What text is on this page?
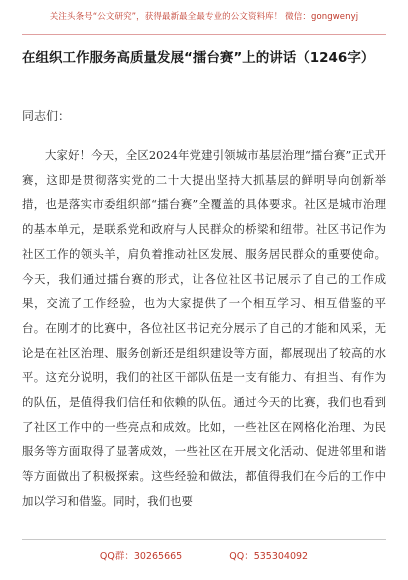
关注头条号“公文研究”，获得最新最全最专业的公文资料库！ 微信：gongwenyj
在组织工作服务高质量发展“擂台赛”上的讲话（1246字）
同志们：

大家好！今天，全区2024年党建引领城市基层治理“擂台赛”正式开赛，这即是贯彻落实党的二十大提出坚持大抓基层的鲜明导向创新举措，也是落实市委组织部“擂台赛”全覆盖的具体要求。社区是城市治理的基本单元，是联系党和政府与人民群众的桥梁和纽带。社区书记作为社区工作的领头羊，肩负着推动社区发展、服务居民群众的重要使命。今天，我们通过擂台赛的形式，让各位社区书记展示了自己的工作成果，交流了工作经验，也为大家提供了一个相互学习、相互借鉴的平台。在刚才的比赛中，各位社区书记充分展示了自己的才能和风采，无论是在社区治理、服务创新还是组织建设等方面，都展现出了较高的水平。这充分说明，我们的社区干部队伍是一支有能力、有担当、有作为的队伍，是值得我们信任和依赖的队伍。通过今天的比赛，我们也看到了社区工作中的一些亮点和成效。比如，一些社区在网格化治理、为民服务等方面取得了显著成效，一些社区在开展文化活动、促进邻里和谐等方面做出了积极探索。这些经验和做法，都值得我们在今后的工作中加以学习和借鉴。同时，我们也要

QQ群：30265665	QQ：535304092
